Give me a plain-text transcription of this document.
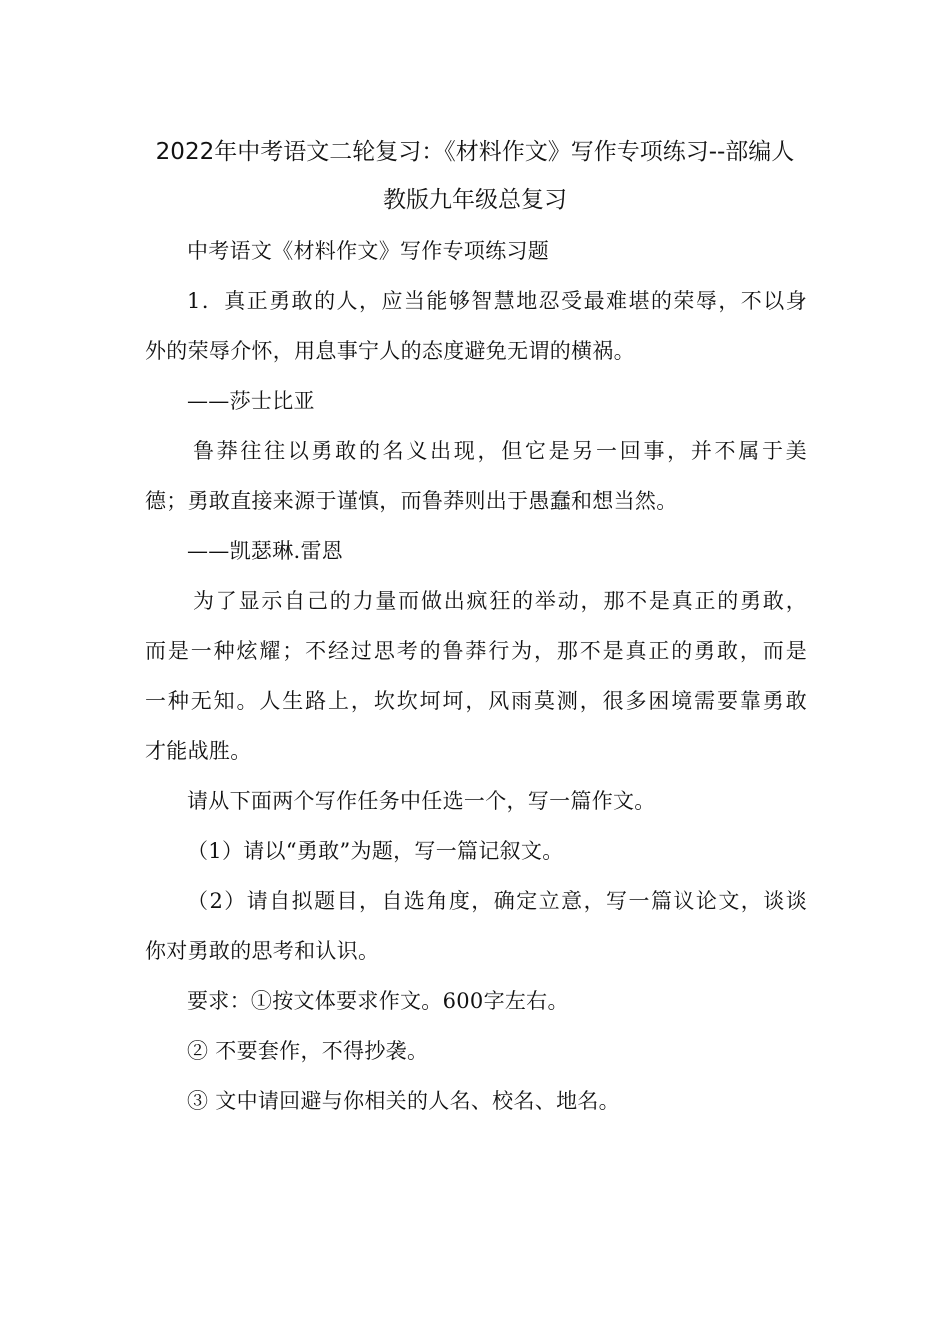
2022年中考语文二轮复习：《材料作文》写作专项练习--部编人
教版九年级总复习
中考语文《材料作文》写作专项练习题
1．真正勇敢的人，应当能够智慧地忍受最难堪的荣辱，不以身
外的荣辱介怀，用息事宁人的态度避免无谓的横祸。
——莎士比亚
鲁莽往往以勇敢的名义出现，但它是另一回事，并不属于美
德；勇敢直接来源于谨慎，而鲁莽则出于愚蠢和想当然。
——凯瑟琳.雷恩
为了显示自己的力量而做出疯狂的举动，那不是真正的勇敢，
而是一种炫耀；不经过思考的鲁莽行为，那不是真正的勇敢，而是
一种无知。人生路上，坎坎坷坷，风雨莫测，很多困境需要靠勇敢
才能战胜。
请从下面两个写作任务中任选一个，写一篇作文。
（1）请以“勇敢”为题，写一篇记叙文。
（2）请自拟题目，自选角度，确定立意，写一篇议论文，谈谈
你对勇敢的思考和认识。
要求：①按文体要求作文。600字左右。
② 不要套作，不得抄袭。
③ 文中请回避与你相关的人名、校名、地名。
